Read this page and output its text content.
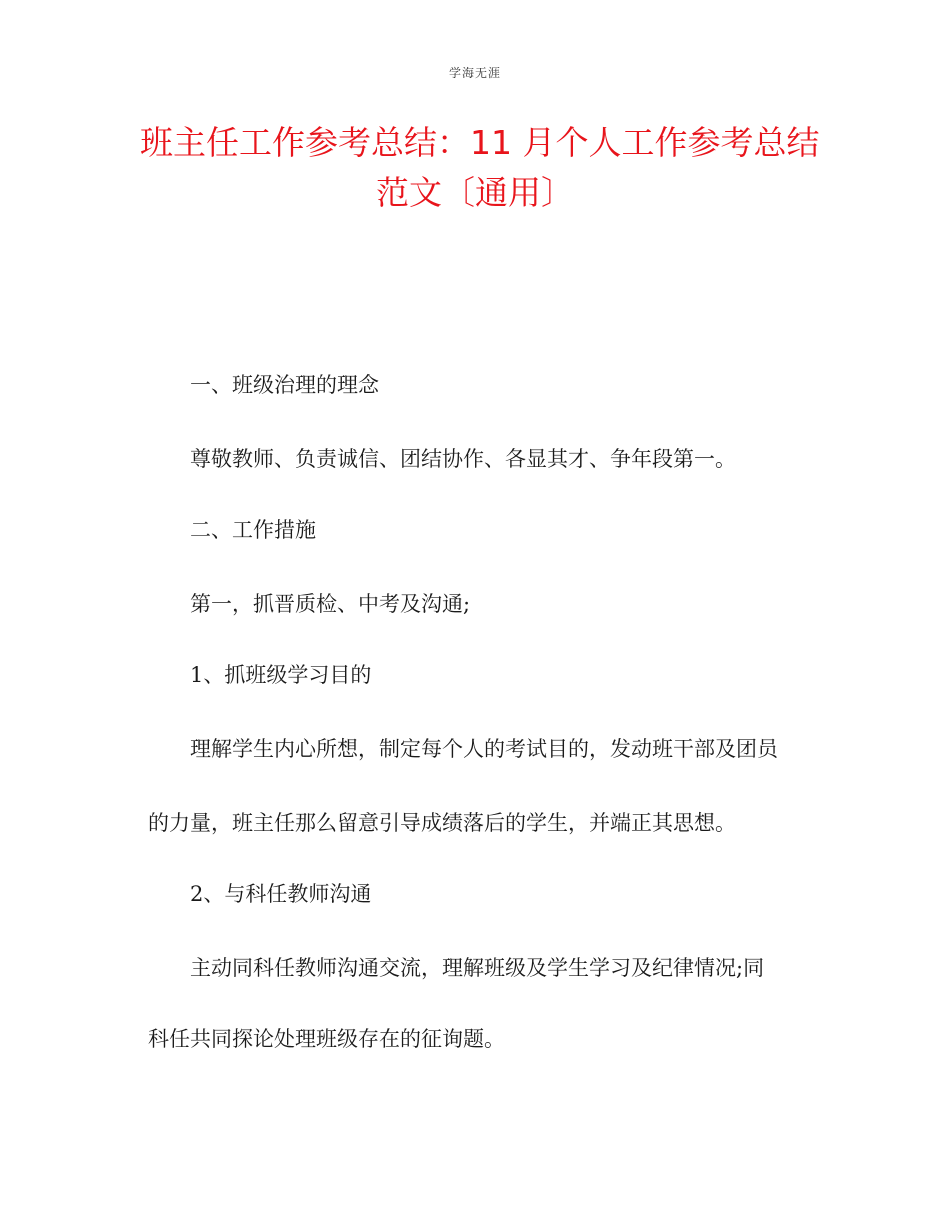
学海无涯
班主任工作参考总结：11 月个人工作参考总结
范文〔通用〕
一、班级治理的理念
尊敬教师、负责诚信、团结协作、各显其才、争年段第一。
二、工作措施
第一，抓晋质检、中考及沟通;
1、抓班级学习目的
理解学生内心所想，制定每个人的考试目的，发动班干部及团员
的力量，班主任那么留意引导成绩落后的学生，并端正其思想。
2、与科任教师沟通
主动同科任教师沟通交流，理解班级及学生学习及纪律情况;同
科任共同探论处理班级存在的征询题。
